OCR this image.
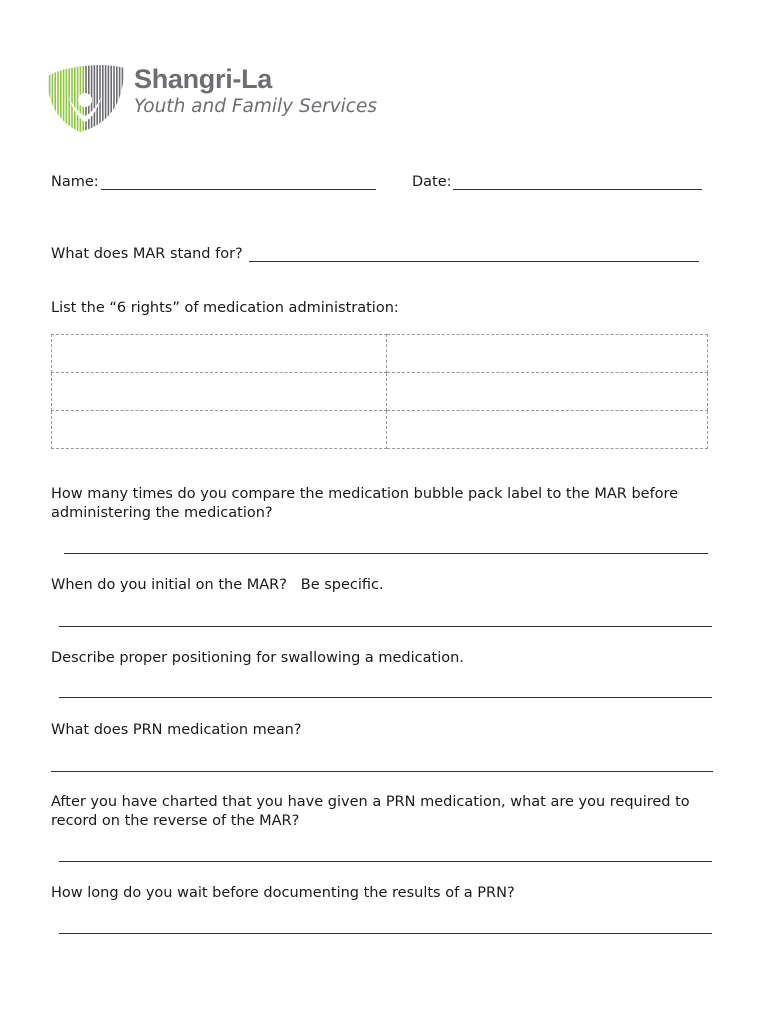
Shangri-La
Youth and Family Services
Name:	Date:
What does MAR stand for?
List the “6 rights” of medication administration:

How many times do you compare the medication bubble pack label to the MAR before
administering the medication?
When do you initial on the MAR?   Be specific.
Describe proper positioning for swallowing a medication.
What does PRN medication mean?
After you have charted that you have given a PRN medication, what are you required to
record on the reverse of the MAR?
How long do you wait before documenting the results of a PRN?
